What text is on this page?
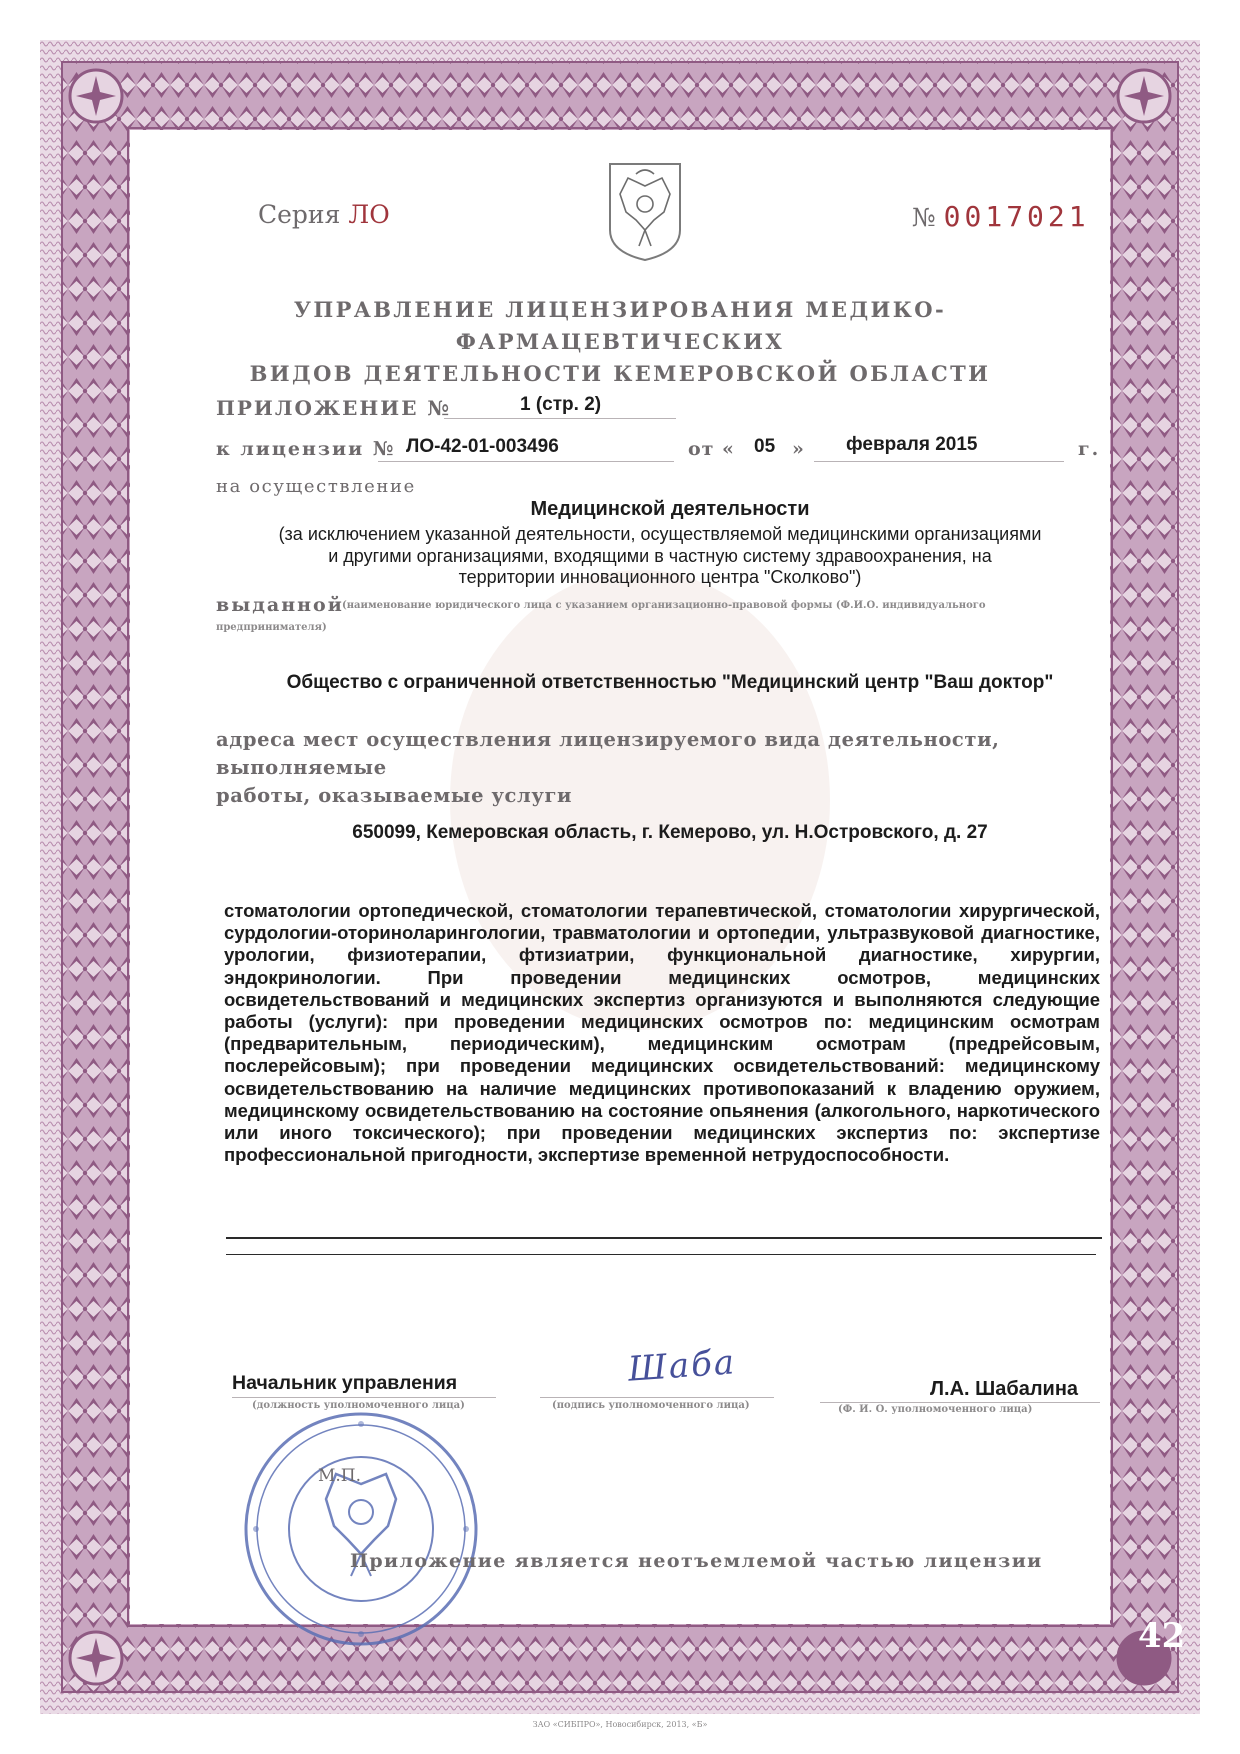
Серия ЛО	№ 0017021
УПРАВЛЕНИЕ ЛИЦЕНЗИРОВАНИЯ МЕДИКО-ФАРМАЦЕВТИЧЕСКИХ
ВИДОВ ДЕЯТЕЛЬНОСТИ КЕМЕРОВСКОЙ ОБЛАСТИ
ПРИЛОЖЕНИЕ №	1 (стр. 2)
к лицензии № ЛО-42-01-003496	от « 05 » февраля 2015	г.
на осуществление
Медицинской деятельности
(за исключением указанной деятельности, осуществляемой медицинскими организациями
и другими организациями, входящими в частную систему здравоохранения, на
территории инновационного центра "Сколково")
выданной
(наименование юридического лица с указанием организационно-правовой формы (Ф.И.О. индивидуального
предпринимателя)
Общество с ограниченной ответственностью "Медицинский центр "Ваш доктор"
адреса мест осуществления лицензируемого вида деятельности, выполняемые
работы, оказываемые услуги
650099, Кемеровская область, г. Кемерово, ул. Н.Островского, д. 27
стоматологии ортопедической, стоматологии терапевтической, стоматологии хирургической, сурдологии-оториноларингологии, травматологии и ортопедии, ультразвуковой диагностике, урологии, физиотерапии, фтизиатрии, функциональной диагностике, хирургии, эндокринологии. При проведении медицинских осмотров, медицинских освидетельствований и медицинских экспертиз организуются и выполняются следующие работы (услуги): при проведении медицинских осмотров по: медицинским осмотрам (предварительным, периодическим), медицинским осмотрам (предрейсовым, послерейсовым); при проведении медицинских освидетельствований: медицинскому освидетельствованию на наличие медицинских противопоказаний к владению оружием, медицинскому освидетельствованию на состояние опьянения (алкогольного, наркотического или иного токсического); при проведении медицинских экспертиз по: экспертизе профессиональной пригодности, экспертизе временной нетрудоспособности.
М.П.
Начальник управления
(должность уполномоченного лица)
Шаба
(подпись уполномоченного лица)
Л.А. Шабалина
(Ф. И. О. уполномоченного лица)
Приложение является неотъемлемой частью лицензии
42
ЗАО «СИБПРО», Новосибирск, 2013, «Б»
